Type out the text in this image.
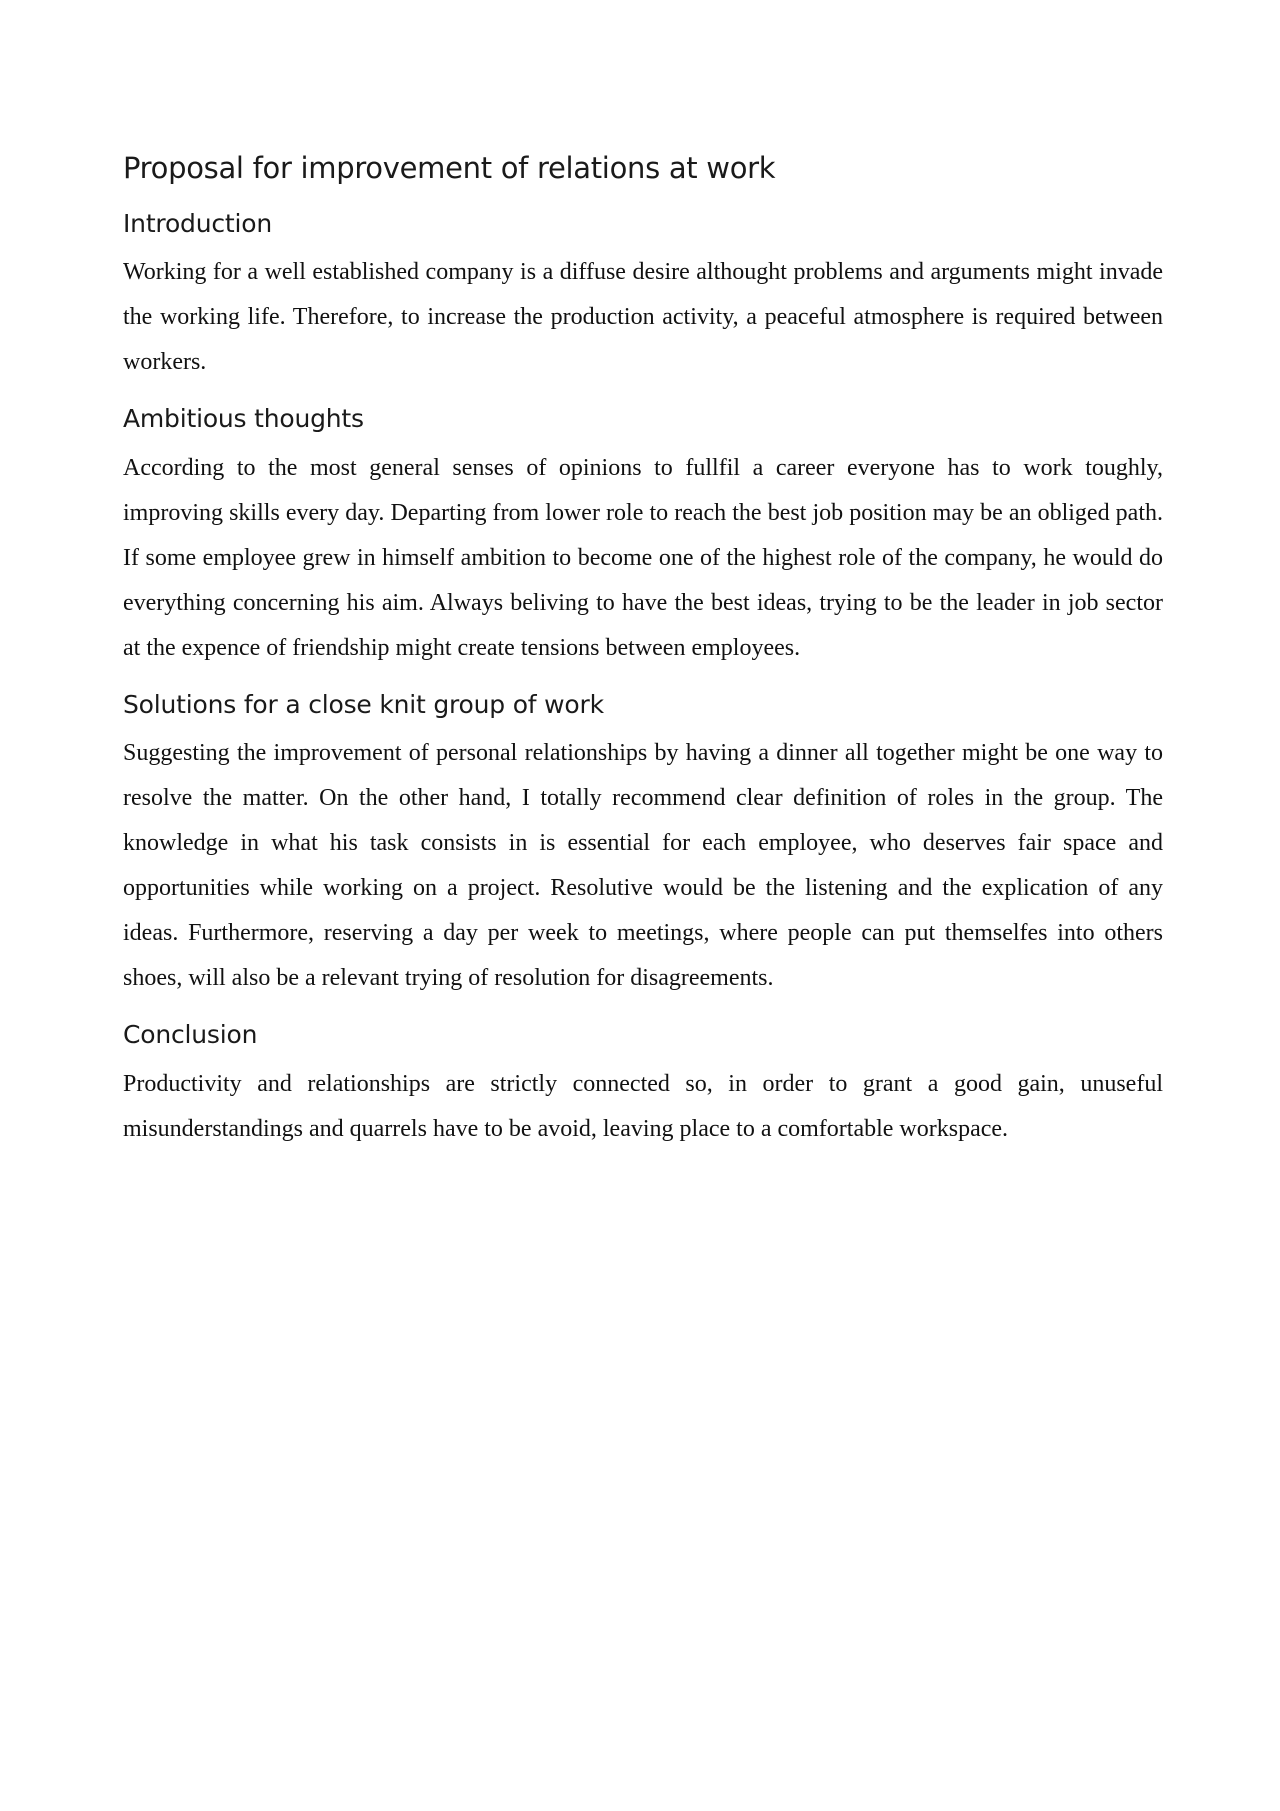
Proposal for improvement of relations at work
Introduction

Working for a well established company is a diffuse desire althought problems and arguments might invade the working life. Therefore, to increase the production activity, a peaceful atmosphere is required between workers.

Ambitious thoughts

According to the most general senses of opinions to fullfil a career everyone has to work toughly, improving skills every day. Departing from lower role to reach the best job position may be an obliged path. If some employee grew in himself ambition to become one of the highest role of the company, he would do everything concerning his aim. Always beliving to have the best ideas, trying to be the leader in job sector at the expence of friendship might create tensions between employees.

Solutions for a close knit group of work

Suggesting the improvement of personal relationships by having a dinner all together might be one way to resolve the matter. On the other hand, I totally recommend clear definition of roles in the group. The knowledge in what his task consists in is essential for each employee, who deserves fair space and opportunities while working on a project. Resolutive would be the listening and the explication of any ideas. Furthermore, reserving a day per week to meetings, where people can put themselfes into others shoes, will also be a relevant trying of resolution for disagreements.

Conclusion

Productivity and relationships are strictly connected so, in order to grant a good gain, unuseful misunderstandings and quarrels have to be avoid, leaving place to a comfortable workspace.
